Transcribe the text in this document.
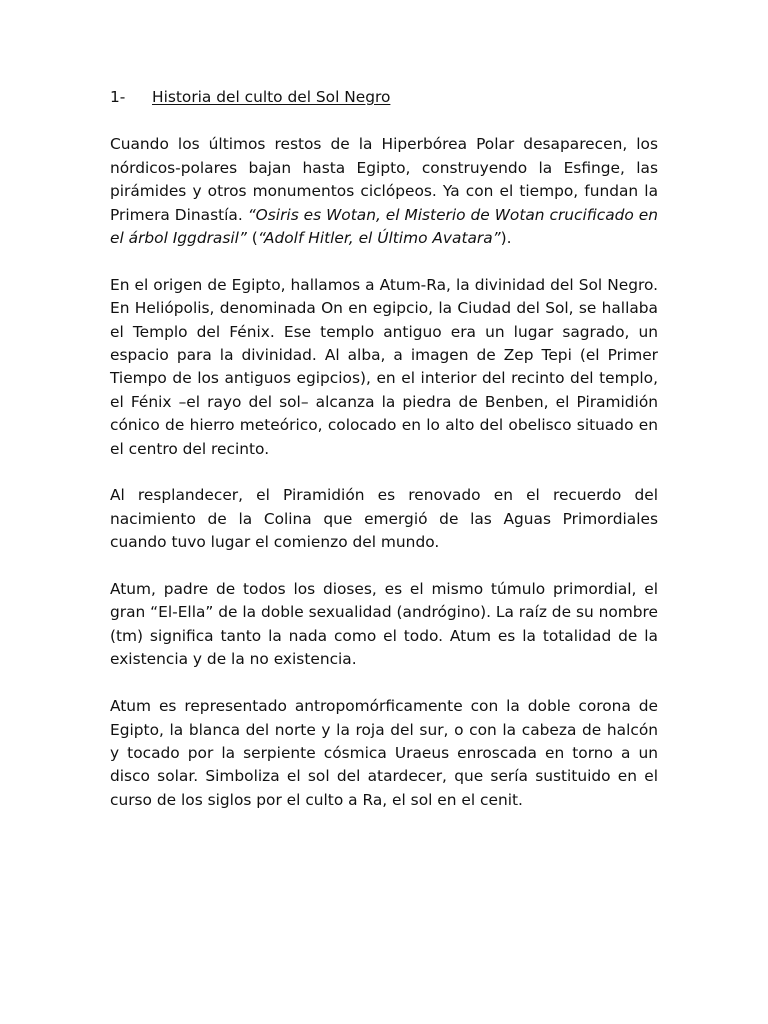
1-	Historia del culto del Sol Negro

Cuando los últimos restos de la Hiperbórea Polar desaparecen, los nórdicos-polares bajan hasta Egipto, construyendo la Esfinge, las pirámides y otros monumentos ciclópeos. Ya con el tiempo, fundan la Primera Dinastía. “Osiris es Wotan, el Misterio de Wotan crucificado en el árbol Iggdrasil” (“Adolf Hitler, el Último Avatara”).

En el origen de Egipto, hallamos a Atum-Ra, la divinidad del Sol Negro. En Heliópolis, denominada On en egipcio, la Ciudad del Sol, se hallaba el Templo del Fénix. Ese templo antiguo era un lugar sagrado, un espacio para la divinidad. Al alba, a imagen de Zep Tepi (el Primer Tiempo de los antiguos egipcios), en el interior del recinto del templo, el Fénix –el rayo del sol– alcanza la piedra de Benben, el Piramidión cónico de hierro meteórico, colocado en lo alto del obelisco situado en el centro del recinto.

Al resplandecer, el Piramidión es renovado en el recuerdo del nacimiento de la Colina que emergió de las Aguas Primordiales cuando tuvo lugar el comienzo del mundo.

Atum, padre de todos los dioses, es el mismo túmulo primordial, el gran “El-Ella” de la doble sexualidad (andrógino). La raíz de su nombre (tm) significa tanto la nada como el todo. Atum es la totalidad de la existencia y de la no existencia.

Atum es representado antropomórficamente con la doble corona de Egipto, la blanca del norte y la roja del sur, o con la cabeza de halcón y tocado por la serpiente cósmica Uraeus enroscada en torno a un disco solar. Simboliza el sol del atardecer, que sería sustituido en el curso de los siglos por el culto a Ra, el sol en el cenit.
